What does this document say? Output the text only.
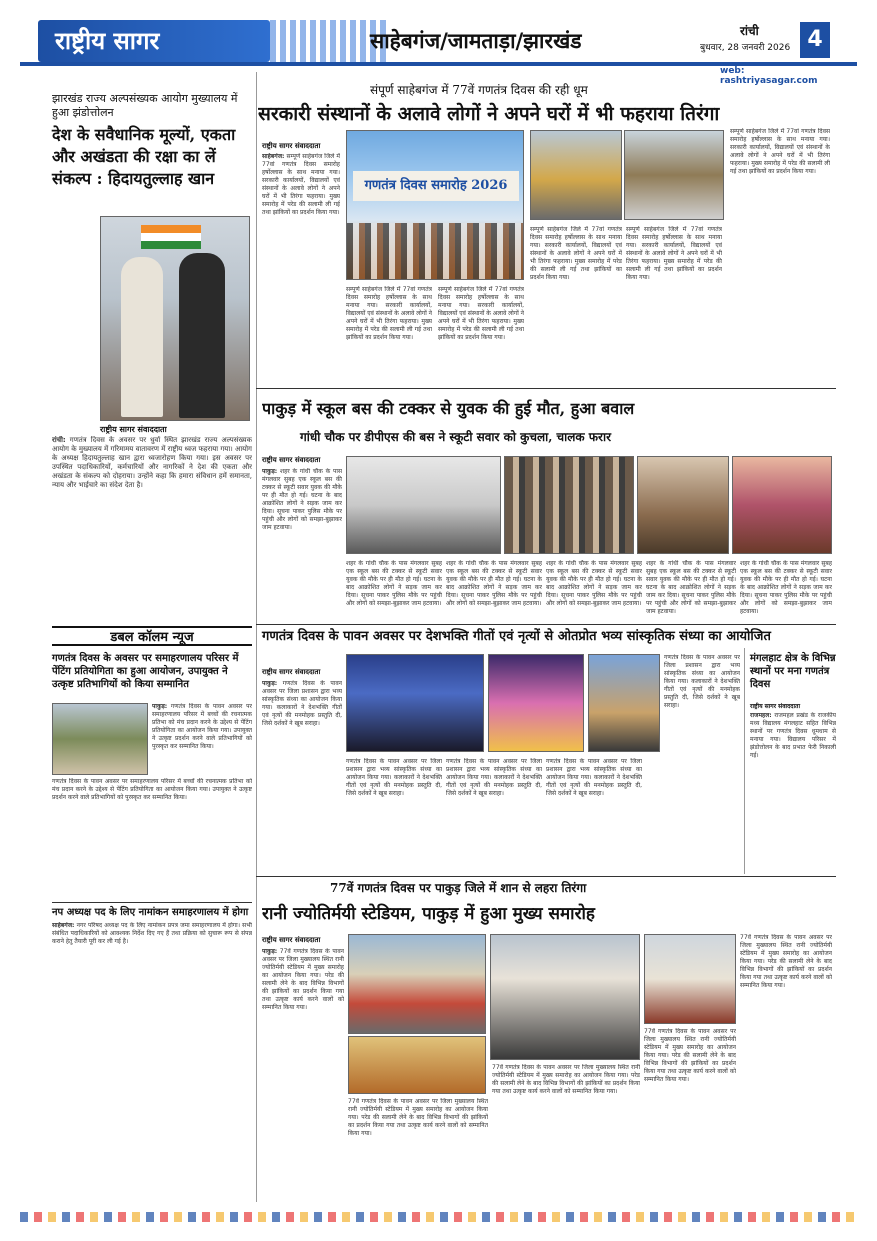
राष्ट्रीय सागर	साहेबगंज/जामताड़ा/झारखंड	रांची
बुधवार, 28 जनवरी 2026 4
web: rashtriyasagar.com
झारखंड राज्य अल्पसंख्यक आयोग मुख्यालय में हुआ झंडोत्तोलन
देश के सवैधानिक मूल्यों, एकता और अखंडता की रक्षा का लें संकल्प : हिदायतुल्लाह खान
राष्ट्रीय सागर संवाददाता
रांची: गणतंत्र दिवस के अवसर पर धुर्वा स्थित झारखंड राज्य अल्पसंख्यक आयोग के मुख्यालय में गरिमामय वातावरण में राष्ट्रीय ध्वज फहराया गया। आयोग के अध्यक्ष हिदायतुल्लाह खान द्वारा ध्वजारोहण किया गया। इस अवसर पर उपस्थित पदाधिकारियों, कर्मचारियों और नागरिकों ने देश की एकता और अखंडता के संकल्प को दोहराया। उन्होंने कहा कि हमारा संविधान हमें समानता, न्याय और भाईचारे का संदेश देता है।
संपूर्ण साहेबगंज में 77वें गणतंत्र दिवस की रही धूम
सरकारी संस्थानों के अलावे लोगों ने अपने घरों में भी फहराया तिरंगा
राष्ट्रीय सागर संवाददाता
साहेबगंज: सम्पूर्ण साहेबगंज जिले में 77वां गणतंत्र दिवस समारोह हर्षोल्लास के साथ मनाया गया। सरकारी कार्यालयों, विद्यालयों एवं संस्थानों के अलावे लोगों ने अपने घरों में भी तिरंगा फहराया। मुख्य समारोह में परेड की सलामी ली गई तथा झांकियों का प्रदर्शन किया गया।
गणतंत्र दिवस समारोह 2026
सम्पूर्ण साहेबगंज जिले में 77वां गणतंत्र दिवस समारोह हर्षोल्लास के साथ मनाया गया। सरकारी कार्यालयों, विद्यालयों एवं संस्थानों के अलावे लोगों ने अपने घरों में भी तिरंगा फहराया। मुख्य समारोह में परेड की सलामी ली गई तथा झांकियों का प्रदर्शन किया गया।
सम्पूर्ण साहेबगंज जिले में 77वां गणतंत्र दिवस समारोह हर्षोल्लास के साथ मनाया गया। सरकारी कार्यालयों, विद्यालयों एवं संस्थानों के अलावे लोगों ने अपने घरों में भी तिरंगा फहराया। मुख्य समारोह में परेड की सलामी ली गई तथा झांकियों का प्रदर्शन किया गया।
सम्पूर्ण साहेबगंज जिले में 77वां गणतंत्र दिवस समारोह हर्षोल्लास के साथ मनाया गया। सरकारी कार्यालयों, विद्यालयों एवं संस्थानों के अलावे लोगों ने अपने घरों में भी तिरंगा फहराया। मुख्य समारोह में परेड की सलामी ली गई तथा झांकियों का प्रदर्शन किया गया।
सम्पूर्ण साहेबगंज जिले में 77वां गणतंत्र दिवस समारोह हर्षोल्लास के साथ मनाया गया। सरकारी कार्यालयों, विद्यालयों एवं संस्थानों के अलावे लोगों ने अपने घरों में भी तिरंगा फहराया। मुख्य समारोह में परेड की सलामी ली गई तथा झांकियों का प्रदर्शन किया गया।
सम्पूर्ण साहेबगंज जिले में 77वां गणतंत्र दिवस समारोह हर्षोल्लास के साथ मनाया गया। सरकारी कार्यालयों, विद्यालयों एवं संस्थानों के अलावे लोगों ने अपने घरों में भी तिरंगा फहराया। मुख्य समारोह में परेड की सलामी ली गई तथा झांकियों का प्रदर्शन किया गया।
पाकुड़ में स्कूल बस की टक्कर से युवक की हुई मौत, हुआ बवाल
गांधी चौक पर डीपीएस की बस ने स्कूटी सवार को कुचला, चालक फरार
राष्ट्रीय सागर संवाददाता
पाकुड़: शहर के गांधी चौक के पास मंगलवार सुबह एक स्कूल बस की टक्कर से स्कूटी सवार युवक की मौके पर ही मौत हो गई। घटना के बाद आक्रोशित लोगों ने सड़क जाम कर दिया। सूचना पाकर पुलिस मौके पर पहुंची और लोगों को समझा-बुझाकर जाम हटवाया।
शहर के गांधी चौक के पास मंगलवार सुबह एक स्कूल बस की टक्कर से स्कूटी सवार युवक की मौके पर ही मौत हो गई। घटना के बाद आक्रोशित लोगों ने सड़क जाम कर दिया। सूचना पाकर पुलिस मौके पर पहुंची और लोगों को समझा-बुझाकर जाम हटवाया।
शहर के गांधी चौक के पास मंगलवार सुबह एक स्कूल बस की टक्कर से स्कूटी सवार युवक की मौके पर ही मौत हो गई। घटना के बाद आक्रोशित लोगों ने सड़क जाम कर दिया। सूचना पाकर पुलिस मौके पर पहुंची और लोगों को समझा-बुझाकर जाम हटवाया।
शहर के गांधी चौक के पास मंगलवार सुबह एक स्कूल बस की टक्कर से स्कूटी सवार युवक की मौके पर ही मौत हो गई। घटना के बाद आक्रोशित लोगों ने सड़क जाम कर दिया। सूचना पाकर पुलिस मौके पर पहुंची और लोगों को समझा-बुझाकर जाम हटवाया।
शहर के गांधी चौक के पास मंगलवार सुबह एक स्कूल बस की टक्कर से स्कूटी सवार युवक की मौके पर ही मौत हो गई। घटना के बाद आक्रोशित लोगों ने सड़क जाम कर दिया। सूचना पाकर पुलिस मौके पर पहुंची और लोगों को समझा-बुझाकर जाम हटवाया।
शहर के गांधी चौक के पास मंगलवार सुबह एक स्कूल बस की टक्कर से स्कूटी सवार युवक की मौके पर ही मौत हो गई। घटना के बाद आक्रोशित लोगों ने सड़क जाम कर दिया। सूचना पाकर पुलिस मौके पर पहुंची और लोगों को समझा-बुझाकर जाम हटवाया।
डबल कॉलम न्यूज
गणतंत्र दिवस के अवसर पर समाहरणालय परिसर में पेंटिंग प्रतियोगिता का हुआ आयोजन, उपायुक्त ने उत्कृष्ट प्रतिभागियों को किया सम्मानित
पाकुड़: गणतंत्र दिवस के पावन अवसर पर समाहरणालय परिसर में बच्चों की रचनात्मक प्रतिभा को मंच प्रदान करने के उद्देश्य से पेंटिंग प्रतियोगिता का आयोजन किया गया। उपायुक्त ने उत्कृष्ट प्रदर्शन करने वाले प्रतिभागियों को पुरस्कृत कर सम्मानित किया।
गणतंत्र दिवस के पावन अवसर पर समाहरणालय परिसर में बच्चों की रचनात्मक प्रतिभा को मंच प्रदान करने के उद्देश्य से पेंटिंग प्रतियोगिता का आयोजन किया गया। उपायुक्त ने उत्कृष्ट प्रदर्शन करने वाले प्रतिभागियों को पुरस्कृत कर सम्मानित किया।
नप अध्यक्ष पद के लिए नामांकन समाहरणालय में होगा
साहेबगंज: नगर परिषद अध्यक्ष पद के लिए नामांकन प्रपत्र जमा समाहरणालय में होगा। सभी संबंधित पदाधिकारियों को आवश्यक निर्देश दिए गए हैं तथा प्रक्रिया को सुचारू रूप से संपन्न कराने हेतु तैयारी पूरी कर ली गई है।
गणतंत्र दिवस के पावन अवसर पर देशभक्ति गीतों एवं नृत्यों से ओतप्रोत भव्य सांस्कृतिक संध्या का आयोजित
राष्ट्रीय सागर संवाददाता
पाकुड़: गणतंत्र दिवस के पावन अवसर पर जिला प्रशासन द्वारा भव्य सांस्कृतिक संध्या का आयोजन किया गया। कलाकारों ने देशभक्ति गीतों एवं नृत्यों की मनमोहक प्रस्तुति दी, जिसे दर्शकों ने खूब सराहा।
गणतंत्र दिवस के पावन अवसर पर जिला प्रशासन द्वारा भव्य सांस्कृतिक संध्या का आयोजन किया गया। कलाकारों ने देशभक्ति गीतों एवं नृत्यों की मनमोहक प्रस्तुति दी, जिसे दर्शकों ने खूब सराहा।
गणतंत्र दिवस के पावन अवसर पर जिला प्रशासन द्वारा भव्य सांस्कृतिक संध्या का आयोजन किया गया। कलाकारों ने देशभक्ति गीतों एवं नृत्यों की मनमोहक प्रस्तुति दी, जिसे दर्शकों ने खूब सराहा।
गणतंत्र दिवस के पावन अवसर पर जिला प्रशासन द्वारा भव्य सांस्कृतिक संध्या का आयोजन किया गया। कलाकारों ने देशभक्ति गीतों एवं नृत्यों की मनमोहक प्रस्तुति दी, जिसे दर्शकों ने खूब सराहा।
गणतंत्र दिवस के पावन अवसर पर जिला प्रशासन द्वारा भव्य सांस्कृतिक संध्या का आयोजन किया गया। कलाकारों ने देशभक्ति गीतों एवं नृत्यों की मनमोहक प्रस्तुति दी, जिसे दर्शकों ने खूब सराहा।
मंगलहाट क्षेत्र के विभिन्न स्थानों पर मना गणतंत्र दिवस
राष्ट्रीय सागर संवाददाता
राजमहल: राजमहल प्रखंड के राजकीय मध्य विद्यालय मंगलहाट सहित विभिन्न स्थानों पर गणतंत्र दिवस धूमधाम से मनाया गया। विद्यालय परिसर में झंडोत्तोलन के बाद प्रभात फेरी निकाली गई।
77वें गणतंत्र दिवस पर पाकुड़ जिले में शान से लहरा तिरंगा
रानी ज्योतिर्मयी स्टेडियम, पाकुड़ में हुआ मुख्य समारोह
राष्ट्रीय सागर संवाददाता
पाकुड़: 77वें गणतंत्र दिवस के पावन अवसर पर जिला मुख्यालय स्थित रानी ज्योतिर्मयी स्टेडियम में मुख्य समारोह का आयोजन किया गया। परेड की सलामी लेने के बाद विभिन्न विभागों की झांकियों का प्रदर्शन किया गया तथा उत्कृष्ट कार्य करने वालों को सम्मानित किया गया।
77वें गणतंत्र दिवस के पावन अवसर पर जिला मुख्यालय स्थित रानी ज्योतिर्मयी स्टेडियम में मुख्य समारोह का आयोजन किया गया। परेड की सलामी लेने के बाद विभिन्न विभागों की झांकियों का प्रदर्शन किया गया तथा उत्कृष्ट कार्य करने वालों को सम्मानित किया गया।
77वें गणतंत्र दिवस के पावन अवसर पर जिला मुख्यालय स्थित रानी ज्योतिर्मयी स्टेडियम में मुख्य समारोह का आयोजन किया गया। परेड की सलामी लेने के बाद विभिन्न विभागों की झांकियों का प्रदर्शन किया गया तथा उत्कृष्ट कार्य करने वालों को सम्मानित किया गया।
77वें गणतंत्र दिवस के पावन अवसर पर जिला मुख्यालय स्थित रानी ज्योतिर्मयी स्टेडियम में मुख्य समारोह का आयोजन किया गया। परेड की सलामी लेने के बाद विभिन्न विभागों की झांकियों का प्रदर्शन किया गया तथा उत्कृष्ट कार्य करने वालों को सम्मानित किया गया।
77वें गणतंत्र दिवस के पावन अवसर पर जिला मुख्यालय स्थित रानी ज्योतिर्मयी स्टेडियम में मुख्य समारोह का आयोजन किया गया। परेड की सलामी लेने के बाद विभिन्न विभागों की झांकियों का प्रदर्शन किया गया तथा उत्कृष्ट कार्य करने वालों को सम्मानित किया गया।
